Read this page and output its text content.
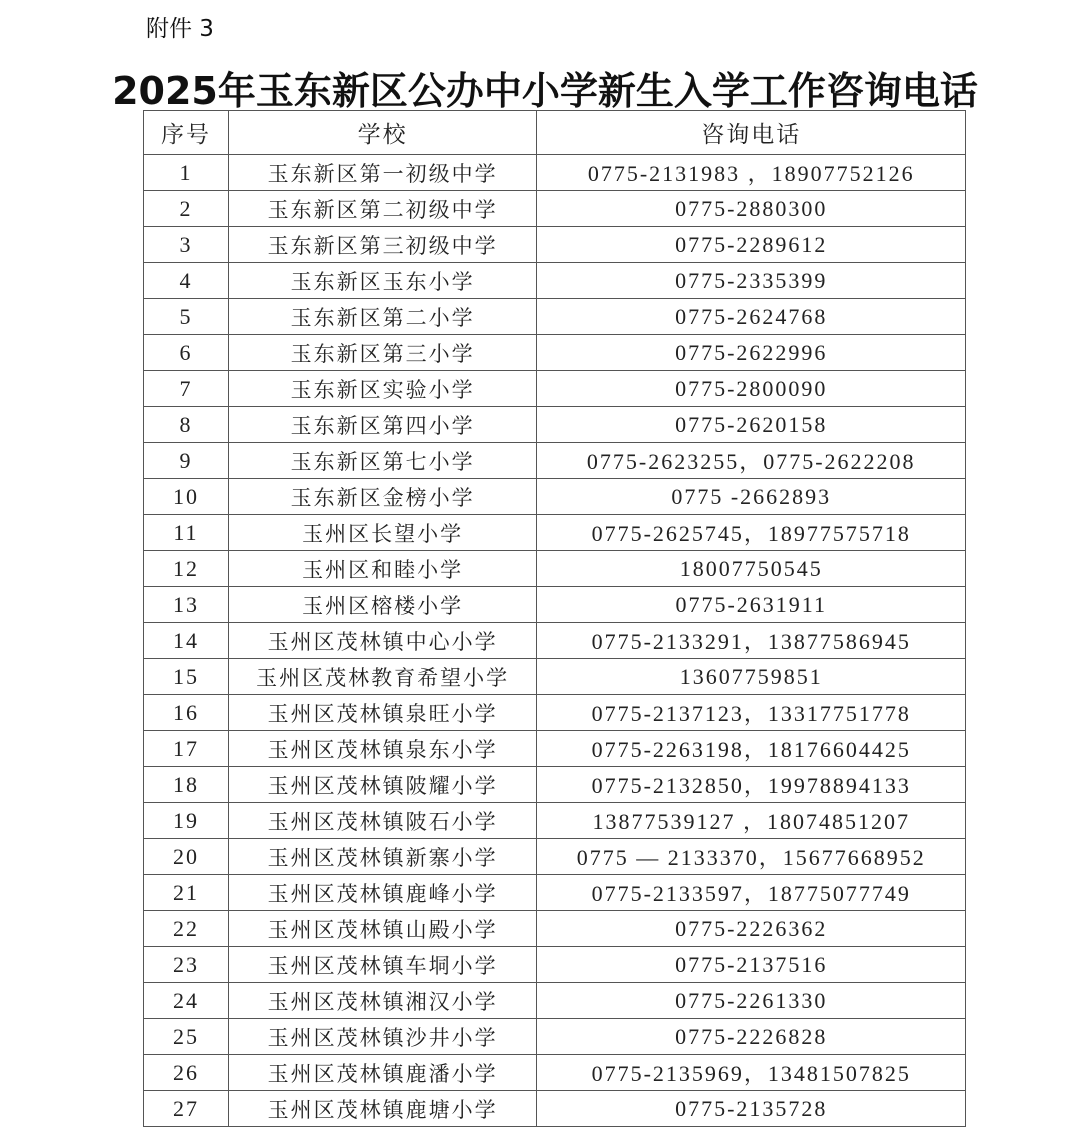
附件 3
2025年玉东新区公办中小学新生入学工作咨询电话
序号	学校	咨询电话
1	玉东新区第一初级中学	0775-2131983 ，18907752126
2	玉东新区第二初级中学	0775-2880300
3	玉东新区第三初级中学	0775-2289612
4	玉东新区玉东小学	0775-2335399
5	玉东新区第二小学	0775-2624768
6	玉东新区第三小学	0775-2622996
7	玉东新区实验小学	0775-2800090
8	玉东新区第四小学	0775-2620158
9	玉东新区第七小学	0775-2623255，0775-2622208
10	玉东新区金榜小学	0775 -2662893
11	玉州区长望小学	0775-2625745，18977575718
12	玉州区和睦小学	18007750545
13	玉州区榕楼小学	0775-2631911
14	玉州区茂林镇中心小学	0775-2133291，13877586945
15	玉州区茂林教育希望小学	13607759851
16	玉州区茂林镇泉旺小学	0775-2137123，13317751778
17	玉州区茂林镇泉东小学	0775-2263198，18176604425
18	玉州区茂林镇陂耀小学	0775-2132850，19978894133
19	玉州区茂林镇陂石小学	13877539127 ，18074851207
20	玉州区茂林镇新寨小学	0775 — 2133370，15677668952
21	玉州区茂林镇鹿峰小学	0775-2133597，18775077749
22	玉州区茂林镇山殿小学	0775-2226362
23	玉州区茂林镇车垌小学	0775-2137516
24	玉州区茂林镇湘汉小学	0775-2261330
25	玉州区茂林镇沙井小学	0775-2226828
26	玉州区茂林镇鹿潘小学	0775-2135969，13481507825
27	玉州区茂林镇鹿塘小学	0775-2135728
